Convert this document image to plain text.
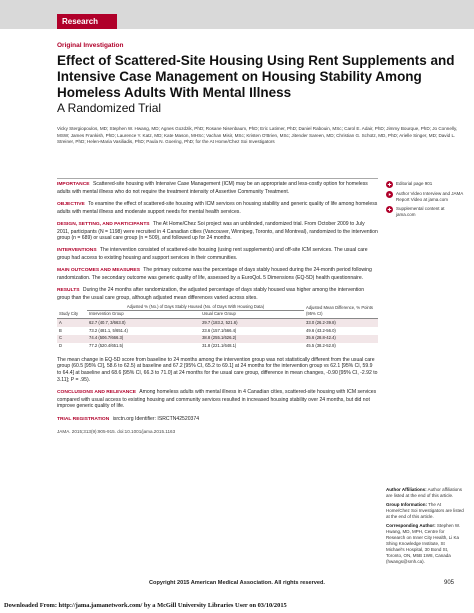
Research
Original Investigation
Effect of Scattered-Site Housing Using Rent Supplements and Intensive Case Management on Housing Stability Among Homeless Adults With Mental Illness
A Randomized Trial
Vicky Stergiopoulos, MD; Stephen W. Hwang, MD; Agnes Gozdzik, PhD; Rosane Nisenbaum, PhD; Eric Latimer, PhD; Daniel Rabouin, MSc; Carol E. Adair, PhD; Jimmy Bourque, PhD; Jo Connelly, MSW; James Frankish, PhD; Laurence Y. Katz, MD; Kate Mason, MHSc; Vachan Misir, MSc; Kristen O'Brien, MSc; Jitender Sareen, MD; Christian G. Schütz, MD, PhD; Arielle Singer, MD; David L. Streiner, PhD; Helen-Maria Vasiliadis, PhD; Paula N. Goering, PhD; for the At Home/Chez Soi Investigators

IMPORTANCE Scattered-site housing with Intensive Case Management (ICM) may be an appropriate and less-costly option for homeless adults with mental illness who do not require the treatment intensity of Assertive Community Treatment.

OBJECTIVE To examine the effect of scattered-site housing with ICM services on housing stability and generic quality of life among homeless adults with mental illness and moderate support needs for mental health services.

DESIGN, SETTING, AND PARTICIPANTS The At Home/Chez Soi project was an unblinded, randomized trial. From October 2009 to July 2011, participants (N = 1198) were recruited in 4 Canadian cities (Vancouver, Winnipeg, Toronto, and Montreal), randomized to the intervention group (n = 689) or usual care group (n = 509), and followed up for 24 months.

INTERVENTIONS The intervention consisted of scattered-site housing (using rent supplements) and off-site ICM services. The usual care group had access to existing housing and support services in their communities.

MAIN OUTCOMES AND MEASURES The primary outcome was the percentage of days stably housed during the 24-month period following randomization. The secondary outcome was generic quality of life, assessed by a EuroQoL 5 Dimensions (EQ-5D) health questionnaire.

RESULTS During the 24 months after randomization, the adjusted percentage of days stably housed was higher among the intervention group than the usual care group, although adjusted mean differences varied across sites.

Study City	Adjusted % (No.) of Days Stably Housed (No. of Days With Housing Data)		Adjusted Mean Difference, % Points (95% CI)
	Intervention Group	Usual Care Group	
A	62.7 (40.7, 3/663.0)	29.7 (183.2, 521.6)	33.0 (26.2-39.8)
B	73.2 (481.1, 5/651.4)	23.6 (157.1/566.4)	49.6 (43.2-56.0)
C	74.4 (506.7/666.3)	38.8 (255.1/626.2)	35.6 (28.8-42.4)
D	77.2 (520.4/651.5)	31.8 (221.1/648.1)	45.5 (38.2-52.8)

The mean change in EQ-5D score from baseline to 24 months among the intervention group was not statistically different from the usual care group (60.5 [95% CI], 58.6 to 62.5) at baseline and 67.2 [95% CI, 65.2 to 69.1] at 24 months for the intervention group vs 62.1 [95% CI, 59.9 to 64.4] at baseline and 68.6 [95% CI, 66.3 to 71.0] at 24 months for the usual care group, difference in mean changes, -0.90 [95% CI, -2.92 to 3.11]; P = .95).

CONCLUSIONS AND RELEVANCE Among homeless adults with mental illness in 4 Canadian cities, scattered-site housing with ICM services compared with usual access to existing housing and community services resulted in increased housing stability over 24 months, but did not improve generic quality of life.

TRIAL REGISTRATION isrctn.org Identifier: ISRCTN42520374

JAMA. 2015;313(9):905-915. doi:10.1001/jama.2015.1163

Editorial page 901
Author Video Interview and JAMA Report Video at jama.com
Supplemental content at jama.com

Author Affiliations: Author affiliations are listed at the end of this article.

Group Information: The At Home/Chez Soi Investigators are listed at the end of this article.

Corresponding Author: Stephen W. Hwang, MD, MPH, Centre for Research on Inner City Health, Li Ka Shing Knowledge Institute, St Michael's Hospital, 30 Bond St, Toronto, ON, M5B 1W8, Canada (hwangs@smh.ca).

Copyright 2015 American Medical Association. All rights reserved.	905
Downloaded From: http://jama.jamanetwork.com/ by a McGill University Libraries User on 03/10/2015
